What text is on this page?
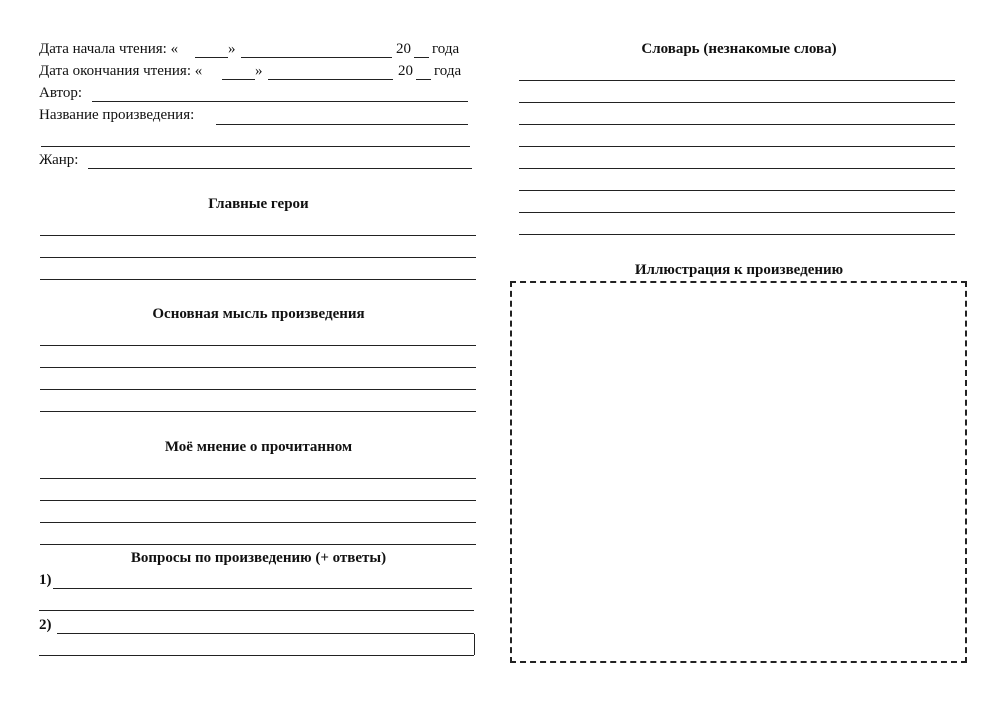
Дата начала чтения: «	»	20 года
Дата окончания чтения: «	»	20 года
Автор:
Название произведения:
Жанр:
Главные герои
Основная мысль произведения
Моё мнение о прочитанном
Вопросы по произведению (+ ответы)
1)
2)
Словарь (незнакомые слова)
Иллюстрация к произведению
